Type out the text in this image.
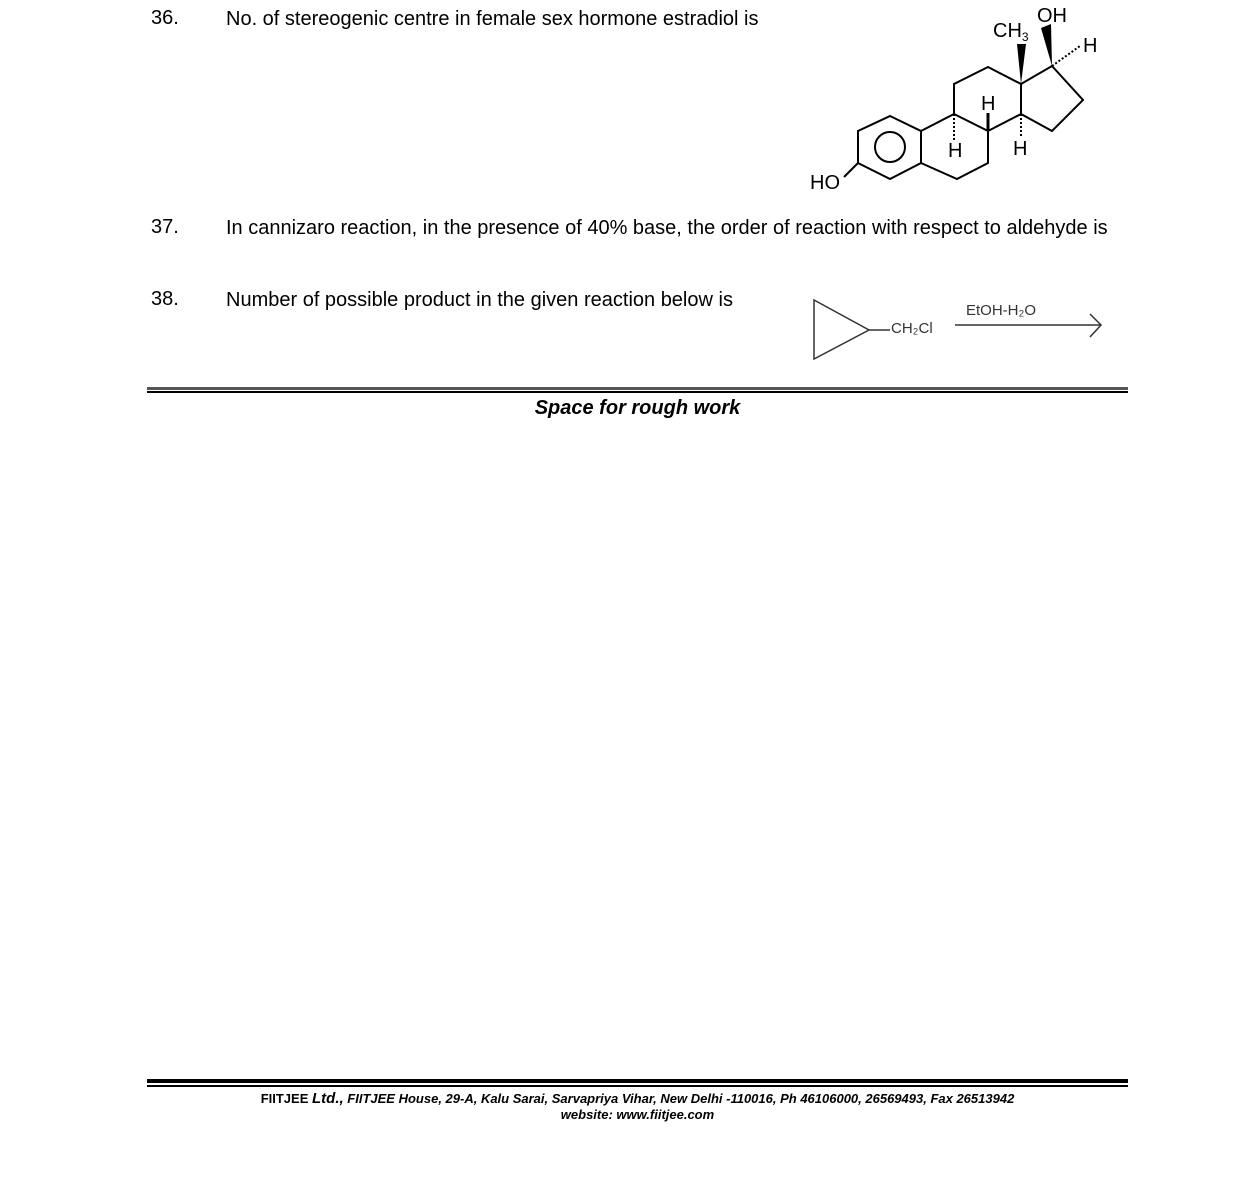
36. No. of stereogenic centre in female sex hormone estradiol is	OH
$CH_3$	H
H
H	H
HO
37. In cannizaro reaction, in the presence of 40% base, the order of reaction with respect to aldehyde is
38. Number of possible product in the given reaction below is
CH₂Cl
EtOH-H₂O
Space for rough work
FIITJEE Ltd., FIITJEE House, 29-A, Kalu Sarai, Sarvapriya Vihar, New Delhi -110016, Ph 46106000, 26569493, Fax 26513942
website: www.fiitjee.com
